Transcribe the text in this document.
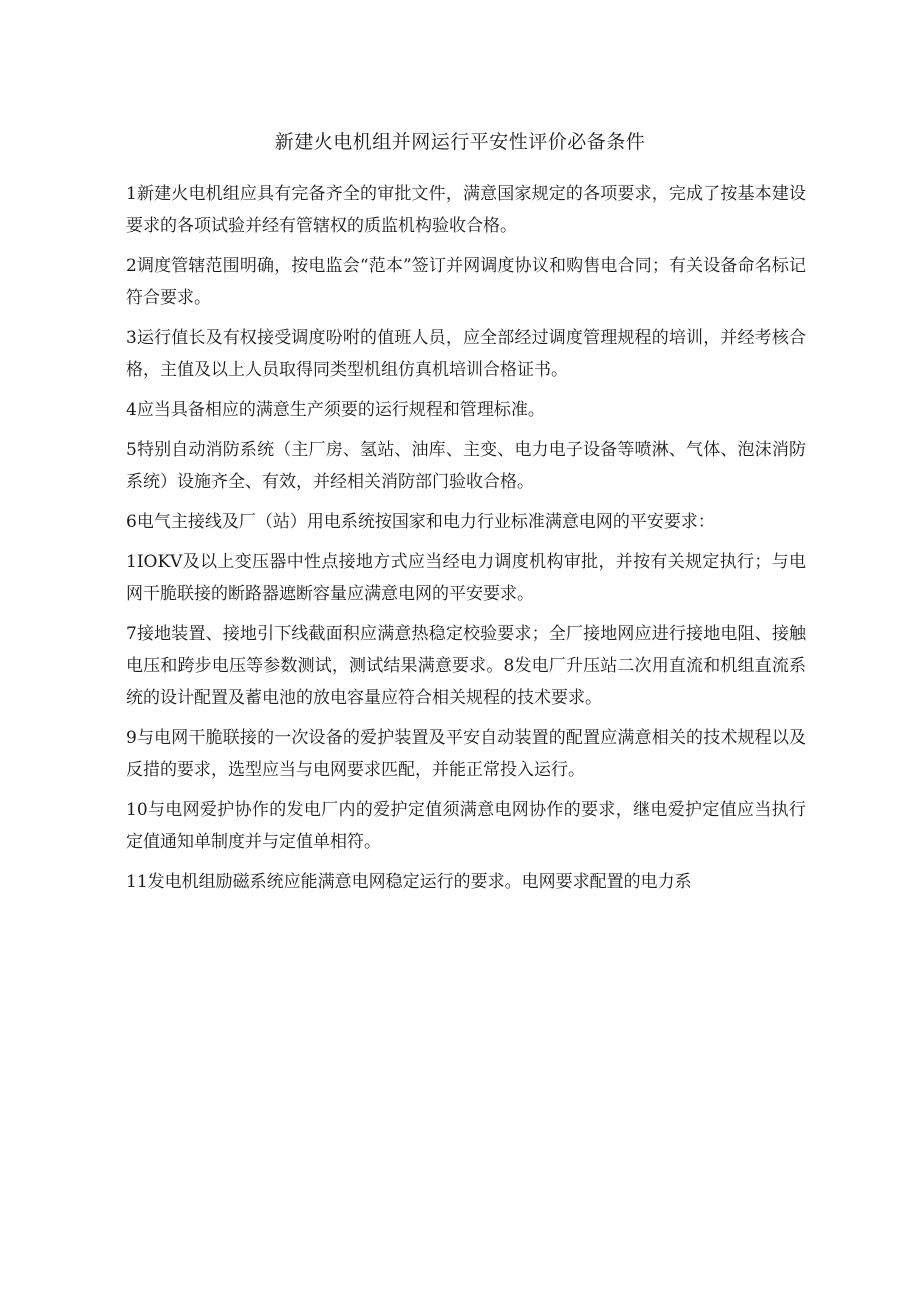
新建火电机组并网运行平安性评价必备条件

1新建火电机组应具有完备齐全的审批文件，满意国家规定的各项要求，完成了按基本建设要求的各项试验并经有管辖权的质监机构验收合格。

2调度管辖范围明确，按电监会“范本”签订并网调度协议和购售电合同；有关设备命名标记符合要求。

3运行值长及有权接受调度吩咐的值班人员，应全部经过调度管理规程的培训，并经考核合格，主值及以上人员取得同类型机组仿真机培训合格证书。

4应当具备相应的满意生产须要的运行规程和管理标准。

5特别自动消防系统（主厂房、氢站、油库、主变、电力电子设备等喷淋、气体、泡沫消防系统）设施齐全、有效，并经相关消防部门验收合格。

6电气主接线及厂（站）用电系统按国家和电力行业标准满意电网的平安要求：

1IOKV及以上变压器中性点接地方式应当经电力调度机构审批，并按有关规定执行；与电网干脆联接的断路器遮断容量应满意电网的平安要求。

7接地装置、接地引下线截面积应满意热稳定校验要求；全厂接地网应进行接地电阻、接触电压和跨步电压等参数测试，测试结果满意要求。8发电厂升压站二次用直流和机组直流系统的设计配置及蓄电池的放电容量应符合相关规程的技术要求。

9与电网干脆联接的一次设备的爱护装置及平安自动装置的配置应满意相关的技术规程以及反措的要求，选型应当与电网要求匹配，并能正常投入运行。

10与电网爱护协作的发电厂内的爱护定值须满意电网协作的要求，继电爱护定值应当执行定值通知单制度并与定值单相符。

11发电机组励磁系统应能满意电网稳定运行的要求。电网要求配置的电力系
